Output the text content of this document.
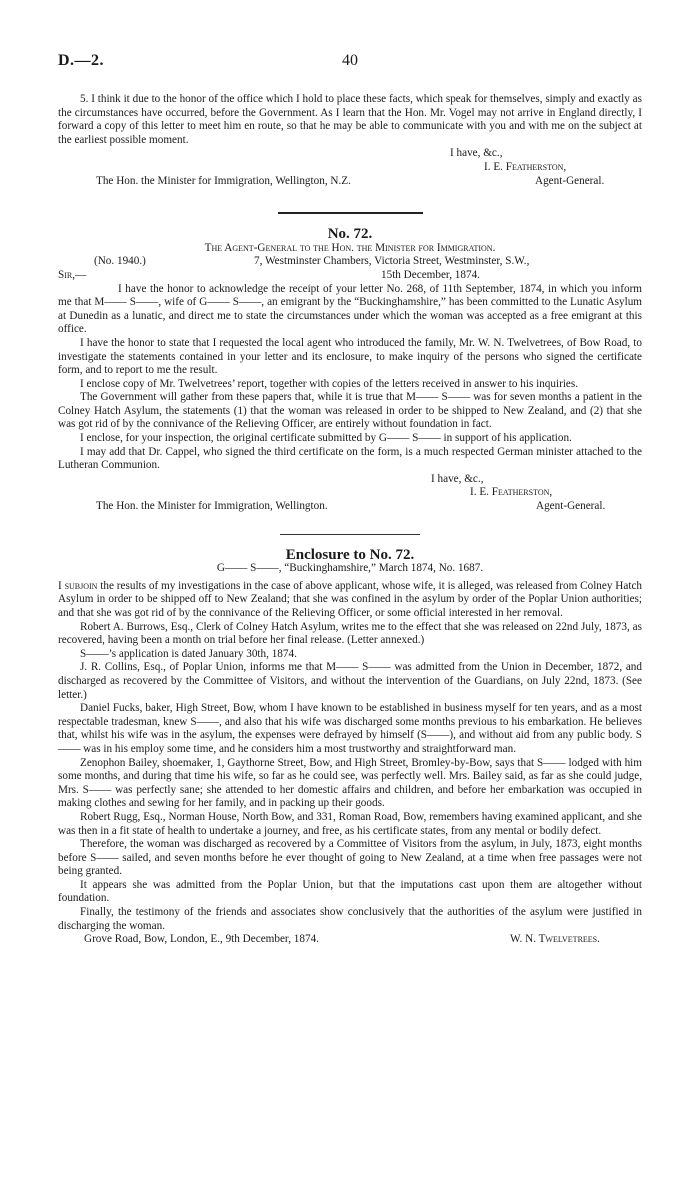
D.—2.	40

5. I think it due to the honor of the office which I hold to place these facts, which speak for themselves, simply and exactly as the circumstances have occurred, before the Government. As I learn that the Hon. Mr. Vogel may not arrive in England directly, I forward a copy of this letter to meet him en route, so that he may be able to communicate with you and with me on the subject at the earliest possible moment.

I have, &c.,
I. E. Featherston,
The Hon. the Minister for Immigration, Wellington, N.Z.	Agent-General.
No. 72.

The Agent-General to the Hon. the Minister for Immigration.

(No. 1940.)	7, Westminster Chambers, Victoria Street, Westminster, S.W.,
Sir,—	15th December, 1874.

I have the honor to acknowledge the receipt of your letter No. 268, of 11th September, 1874, in which you inform me that M—— S——, wife of G—— S——, an emigrant by the “Buckinghamshire,” has been committed to the Lunatic Asylum at Dunedin as a lunatic, and direct me to state the circumstances under which the woman was accepted as a free emigrant at this office.

I have the honor to state that I requested the local agent who introduced the family, Mr. W. N. Twelvetrees, of Bow Road, to investigate the statements contained in your letter and its enclosure, to make inquiry of the persons who signed the certificate form, and to report to me the result.

I enclose copy of Mr. Twelvetrees’ report, together with copies of the letters received in answer to his inquiries.

The Government will gather from these papers that, while it is true that M—— S—— was for seven months a patient in the Colney Hatch Asylum, the statements (1) that the woman was released in order to be shipped to New Zealand, and (2) that she was got rid of by the connivance of the Relieving Officer, are entirely without foundation in fact.

I enclose, for your inspection, the original certificate submitted by G—— S—— in support of his application.

I may add that Dr. Cappel, who signed the third certificate on the form, is a much respected German minister attached to the Lutheran Communion.

I have, &c.,
I. E. Featherston,
The Hon. the Minister for Immigration, Wellington.	Agent-General.
Enclosure to No. 72.

G—— S——, “Buckinghamshire,” March 1874, No. 1687.

I subjoin the results of my investigations in the case of above applicant, whose wife, it is alleged, was released from Colney Hatch Asylum in order to be shipped off to New Zealand; that she was confined in the asylum by order of the Poplar Union authorities; and that she was got rid of by the connivance of the Relieving Officer, or some official interested in her removal.

Robert A. Burrows, Esq., Clerk of Colney Hatch Asylum, writes me to the effect that she was released on 22nd July, 1873, as recovered, having been a month on trial before her final release. (Letter annexed.)

S——’s application is dated January 30th, 1874.

J. R. Collins, Esq., of Poplar Union, informs me that M—— S—— was admitted from the Union in December, 1872, and discharged as recovered by the Committee of Visitors, and without the intervention of the Guardians, on July 22nd, 1873. (See letter.)

Daniel Fucks, baker, High Street, Bow, whom I have known to be established in business myself for ten years, and as a most respectable tradesman, knew S——, and also that his wife was discharged some months previous to his embarkation. He believes that, whilst his wife was in the asylum, the expenses were defrayed by himself (S——), and without aid from any public body. S—— was in his employ some time, and he considers him a most trustworthy and straightforward man.

Zenophon Bailey, shoemaker, 1, Gaythorne Street, Bow, and High Street, Bromley-by-Bow, says that S—— lodged with him some months, and during that time his wife, so far as he could see, was perfectly well. Mrs. Bailey said, as far as she could judge, Mrs. S—— was perfectly sane; she attended to her domestic affairs and children, and before her embarkation was occupied in making clothes and sewing for her family, and in packing up their goods.

Robert Rugg, Esq., Norman House, North Bow, and 331, Roman Road, Bow, remembers having examined applicant, and she was then in a fit state of health to undertake a journey, and free, as his certificate states, from any mental or bodily defect.

Therefore, the woman was discharged as recovered by a Committee of Visitors from the asylum, in July, 1873, eight months before S—— sailed, and seven months before he ever thought of going to New Zealand, at a time when free passages were not being granted.

It appears she was admitted from the Poplar Union, but that the imputations cast upon them are altogether without foundation.

Finally, the testimony of the friends and associates show conclusively that the authorities of the asylum were justified in discharging the woman.

Grove Road, Bow, London, E., 9th December, 1874.	W. N. Twelvetrees.
